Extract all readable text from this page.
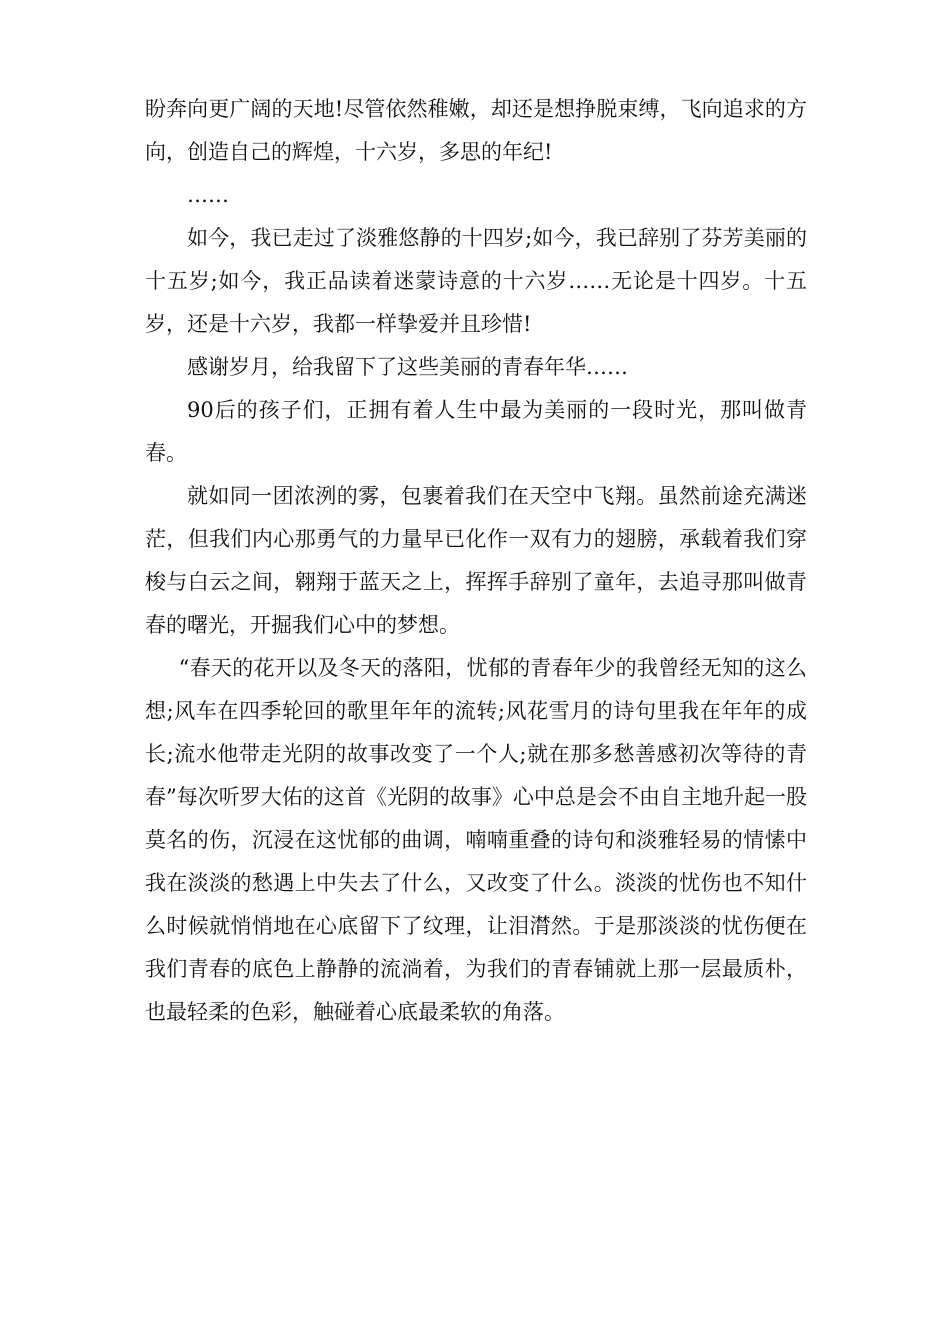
盼奔向更广阔的天地!尽管依然稚嫩，却还是想挣脱束缚，飞向追求的方向，创造自己的辉煌，十六岁，多思的年纪!

……

如今，我已走过了淡雅悠静的十四岁;如今，我已辞别了芬芳美丽的十五岁;如今，我正品读着迷蒙诗意的十六岁……无论是十四岁。十五岁，还是十六岁，我都一样挚爱并且珍惜!

感谢岁月，给我留下了这些美丽的青春年华……

90后的孩子们，正拥有着人生中最为美丽的一段时光，那叫做青春。

就如同一团浓洌的雾，包裹着我们在天空中飞翔。虽然前途充满迷茫，但我们内心那勇气的力量早已化作一双有力的翅膀，承载着我们穿梭与白云之间，翱翔于蓝天之上，挥挥手辞别了童年，去追寻那叫做青春的曙光，开掘我们心中的梦想。

“春天的花开以及冬天的落阳，忧郁的青春年少的我曾经无知的这么想;风车在四季轮回的歌里年年的流转;风花雪月的诗句里我在年年的成长;流水他带走光阴的故事改变了一个人;就在那多愁善感初次等待的青春”每次听罗大佑的这首《光阴的故事》心中总是会不由自主地升起一股莫名的伤，沉浸在这忧郁的曲调，喃喃重叠的诗句和淡雅轻易的情愫中我在淡淡的愁遇上中失去了什么，又改变了什么。淡淡的忧伤也不知什么时候就悄悄地在心底留下了纹理，让泪潸然。于是那淡淡的忧伤便在我们青春的底色上静静的流淌着，为我们的青春铺就上那一层最质朴，也最轻柔的色彩，触碰着心底最柔软的角落。
